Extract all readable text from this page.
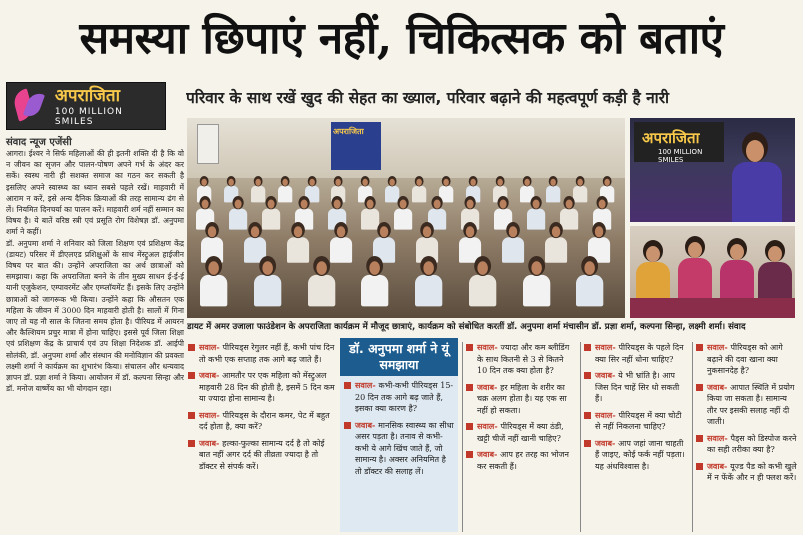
समस्या छिपाएं नहीं, चिकित्सक को बताएं
अपराजिता
100 MILLION SMILES
परिवार के साथ रखें खुद की सेहत का ख्याल, परिवार बढ़ाने की महत्वपूर्ण कड़ी है नारी
संवाद न्यूज एजेंसी

आगरा। ईश्वर ने सिर्फ महिलाओं की ही इतनी शक्ति दी है कि वो न जीवन का सृजन और पालन-पोषण अपने गर्भ के अंदर कर सकें। स्वस्थ नारी ही सशक्त समाज का गठन कर सकती है इसलिए अपने स्वास्थ्य का ध्यान सबसे पहले रखें। माहवारी में आराम न करें, इसे अन्य दैनिक क्रियाओं की तरह सामान्य ढंग से लें। नियमित दिनचर्या का पालन करें। माहवारी शर्म नहीं सम्मान का विषय है। ये बातें वरिष्ठ स्त्री एवं प्रसूति रोग विशेषज्ञ डॉ. अनुपमा शर्मा ने कहीं।

डॉ. अनुपमा शर्मा ने शनिवार को जिला शिक्षण एवं प्रशिक्षण केंद्र (डायट) परिसर में डीएलएड प्रशिक्षुओं के साथ मेंस्ट्रुअल हाईजीन विषय पर बात की। उन्होंने अपराजिता का अर्थ छात्राओं को समझाया। कहा कि अपराजिता बनने के तीन मुख्य साधन ई-ई-ई यानी एजुकेशन, एम्पावरमेंट और एम्प्लॉयमेंट हैं। इसके लिए उन्होंने छात्राओं को जागरूक भी किया। उन्होंने कहा कि औसतन एक महिला के जीवन में 3000 दिन माहवारी होती है। सालों में गिना जाए तो यह नौ साल के जितना समय होता है। पीरियड में आयरन और कैल्शियम प्रचुर मात्रा में होना चाहिए। इससे पूर्व जिला शिक्षा एवं प्रशिक्षण केंद्र के प्राचार्य एवं उप शिक्षा निदेशक डॉ. आईपी सोलंकी, डॉ. अनुपमा शर्मा और संस्थान की मनोविज्ञान की प्रवक्ता लक्ष्मी शर्मा ने कार्यक्रम का शुभारंभ किया। संचालन और धन्यवाद ज्ञापन डॉ. प्रज्ञा शर्मा ने किया। आयोजन में डॉ. कल्पना सिन्हा और डॉ. मनोज वार्ष्णेय का भी योगदान रहा।

अपराजिता	अपराजिता
100 MILLION SMILES
डायट में अमर उजाला फाउंडेशन के अपराजिता कार्यक्रम में मौजूद छात्राएं, कार्यक्रम को संबोधित करतीं डॉ. अनुपमा शर्मा मंचासीन डॉ. प्रज्ञा शर्मा, कल्पना सिन्हा, लक्ष्मी शर्मा। संवाद
सवाल- पीरियड्स रेगुलर नहीं हैं, कभी पांच दिन तो कभी एक सप्ताह तक आगे बढ़ जाते हैं।
जवाब- आमतौर पर एक महिला को मेंस्ट्रुअल माहवारी 28 दिन की होती है, इसमें 5 दिन कम या ज्यादा होना सामान्य है।
सवाल- पीरियड्स के दौरान कमर, पेट में बहुत दर्द होता है, क्या करें?
जवाब- हल्का-फुल्का सामान्य दर्द है तो कोई बात नहीं अगर दर्द की तीव्रता ज्यादा है तो डॉक्टर से संपर्क करें।
डॉ. अनुपमा शर्मा ने यूं समझाया
सवाल- कभी-कभी पीरियड्स 15-20 दिन तक आगे बढ़ जाते हैं, इसका क्या कारण है?
जवाब- मानसिक स्वास्थ्य का सीधा असर पड़ता है। तनाव से कभी-कभी ये आगे खिंच जाते हैं, जो सामान्य है। अक्सर अनियमित है तो डॉक्टर की सलाह लें।
सवाल- ज्यादा और कम ब्लीडिंग के साथ कितनी से 3 से कितने 10 दिन तक क्या होता है?
जवाब- हर महिला के शरीर का चक्र अलग होता है। यह एक सा नहीं हो सकता।
सवाल- पीरियड्स में क्या ठंडी, खट्टी चीजें नहीं खानी चाहिए?
जवाब- आप हर तरह का भोजन कर सकती हैं।
सवाल- पीरियड्स के पहले दिन क्या सिर नहीं धोना चाहिए?
जवाब- ये भी भ्रांति है। आप जिस दिन चाहें सिर धो सकती हैं।
सवाल- पीरियड्स में क्या चोटी से नहीं निकलना चाहिए?
जवाब- आप जहां जाना चाहती हैं जाइए, कोई फर्क नहीं पड़ता। यह अंधविश्वास है।
सवाल- पीरियड्स को आगे बढ़ाने की दवा खाना क्या नुकसानदेह है?
जवाब- आपात स्थिति में प्रयोग किया जा सकता है। सामान्य तौर पर इसकी सलाह नहीं दी जाती।
सवाल- पैड्स को डिस्पोज करने का सही तरीका क्या है?
जवाब- यूज्ड पैड को कभी खुले में न फेंकें और न ही फ्लश करें।
